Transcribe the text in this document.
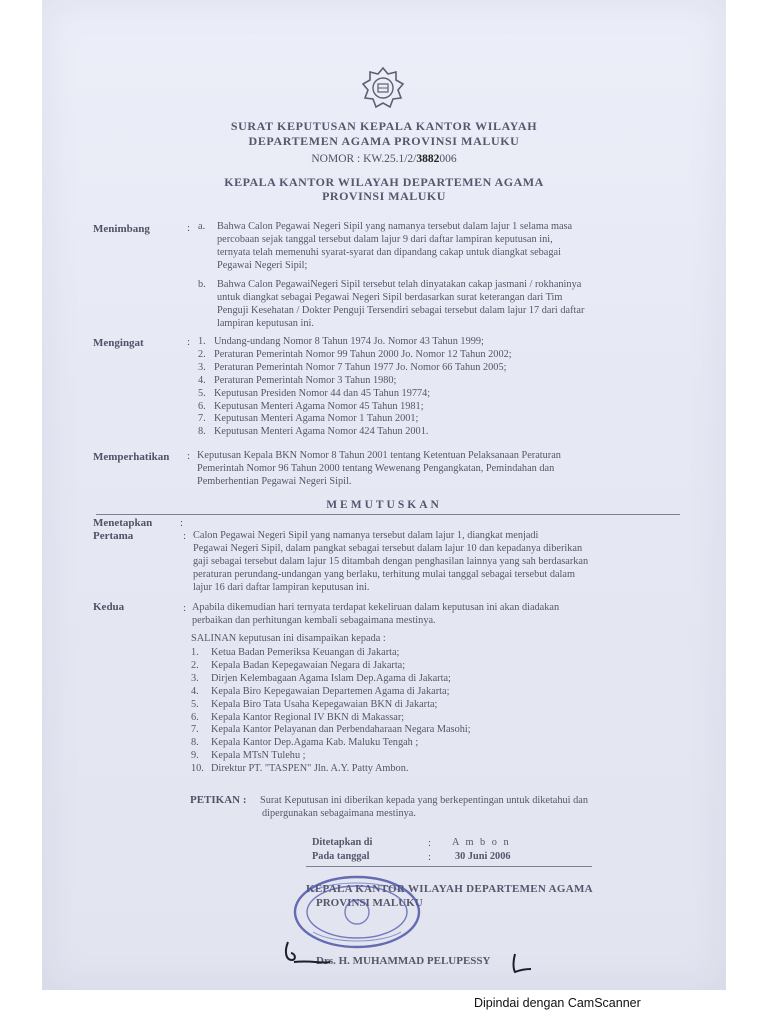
SURAT KEPUTUSAN KEPALA KANTOR WILAYAH
DEPARTEMEN AGAMA PROVINSI MALUKU
NOMOR : KW.25.1/2/3882006
KEPALA KANTOR WILAYAH DEPARTEMEN AGAMA
PROVINSI MALUKU
Menimbang	: a. Bahwa Calon Pegawai Negeri Sipil yang namanya tersebut dalam lajur 1 selama masa
percobaan sejak tanggal tersebut dalam lajur 9 dari daftar lampiran keputusan ini,
ternyata telah memenuhi syarat-syarat dan dipandang cakap untuk diangkat sebagai
Pegawai Negeri Sipil;
b. Bahwa Calon PegawaiNegeri Sipil tersebut telah dinyatakan cakap jasmani / rokhaninya
untuk diangkat sebagai Pegawai Negeri Sipil berdasarkan surat keterangan dari Tim
Penguji Kesehatan / Dokter Penguji Tersendiri sebagai tersebut dalam lajur 17 dari daftar
lampiran keputusan ini.
Mengingat	: 1. Undang-undang Nomor 8 Tahun 1974 Jo. Nomor 43 Tahun 1999;
2. Peraturan Pemerintah Nomor 99 Tahun 2000 Jo. Nomor 12 Tahun 2002;
3. Peraturan Pemerintah Nomor 7 Tahun 1977 Jo. Nomor 66 Tahun 2005;
4. Peraturan Pemerintah Nomor 3 Tahun 1980;
5. Keputusan Presiden Nomor 44 dan 45 Tahun 19774;
6. Keputusan Menteri Agama Nomor 45 Tahun 1981;
7. Keputusan Menteri Agama Nomor 1 Tahun 2001;
8. Keputusan Menteri Agama Nomor 424 Tahun 2001.
Memperhatikan : Keputusan Kepala BKN Nomor 8 Tahun 2001 tentang Ketentuan Pelaksanaan Peraturan
Pemerintah Nomor 96 Tahun 2000 tentang Wewenang Pengangkatan, Pemindahan dan
Pemberhentian Pegawai Negeri Sipil.
MEMUTUSKAN
Menetapkan	:
Pertama	: Calon Pegawai Negeri Sipil yang namanya tersebut dalam lajur 1, diangkat menjadi
Pegawai Negeri Sipil, dalam pangkat sebagai tersebut dalam lajur 10 dan kepadanya diberikan
gaji sebagai tersebut dalam lajur 15 ditambah dengan penghasilan lainnya yang sah berdasarkan
peraturan perundang-undangan yang berlaku, terhitung mulai tanggal sebagai tersebut dalam
lajur 16 dari daftar lampiran keputusan ini.
Kedua	: Apabila dikemudian hari ternyata terdapat kekeliruan dalam keputusan ini akan diadakan
perbaikan dan perhitungan kembali sebagaimana mestinya.
SALINAN keputusan ini disampaikan kepada :
1. Ketua Badan Pemeriksa Keuangan di Jakarta;
2. Kepala Badan Kepegawaian Negara di Jakarta;
3. Dirjen Kelembagaan Agama Islam Dep.Agama di Jakarta;
4. Kepala Biro Kepegawaian Departemen Agama di Jakarta;
5. Kepala Biro Tata Usaha Kepegawaian BKN di Jakarta;
6. Kepala Kantor Regional IV BKN di Makassar;
7. Kepala Kantor Pelayanan dan Perbendaharaan Negara Masohi;
8. Kepala Kantor Dep.Agama Kab. Maluku Tengah ;
9. Kepala MTsN Tulehu ;
10. Direktur PT. "TASPEN" Jln. A.Y. Patty Ambon.
PETIKAN : Surat Keputusan ini diberikan kepada yang berkepentingan untuk diketahui dan
dipergunakan sebagaimana mestinya.
Ditetapkan di	: A m b o n
Pada tanggal	: 30 Juni 2006
KEPALA KANTOR WILAYAH DEPARTEMEN AGAMA
PROVINSI MALUKU
Drs. H. MUHAMMAD PELUPESSY
Dipindai dengan CamScanner
